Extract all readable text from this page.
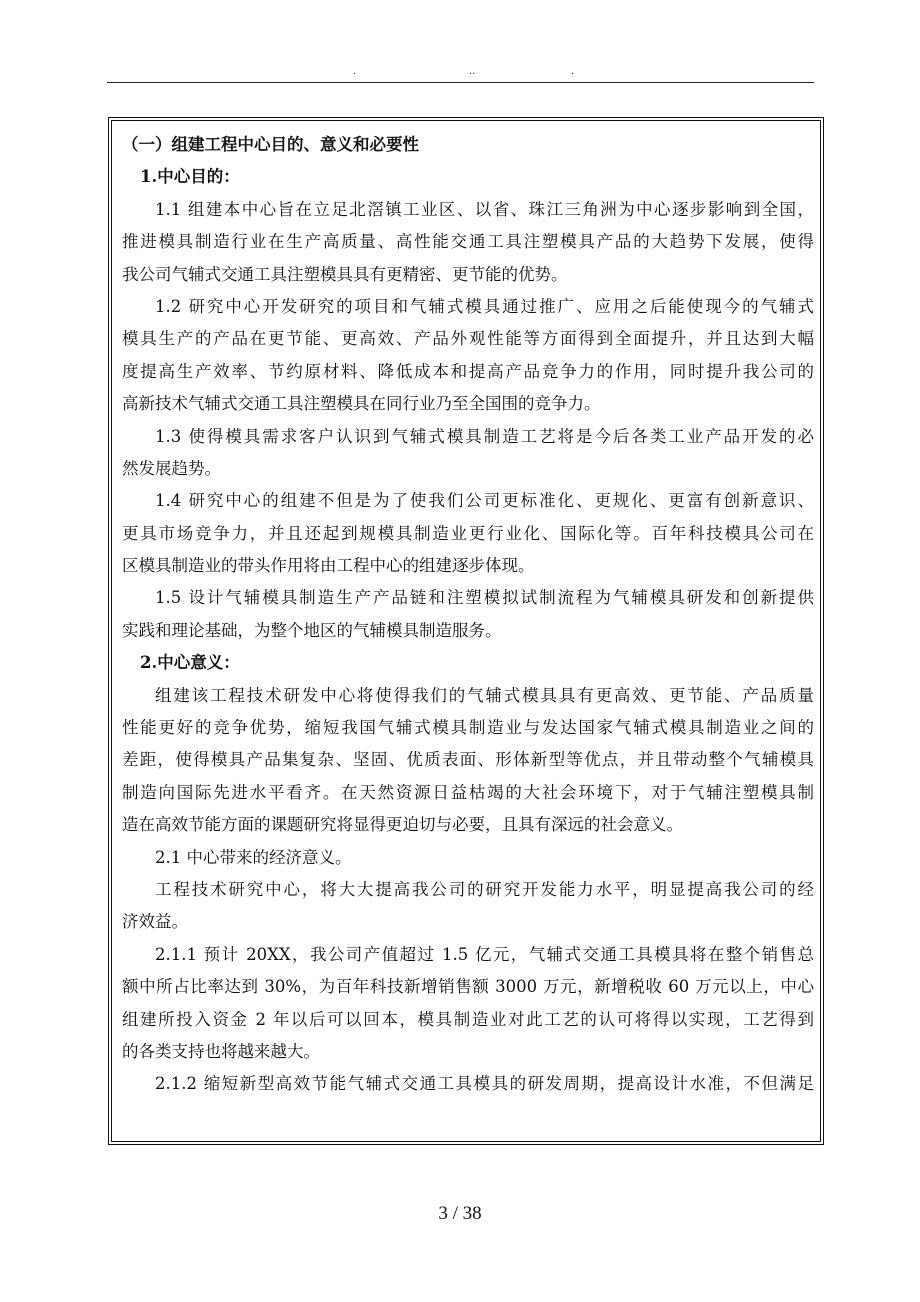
.	..	.

（一）组建工程中心目的、意义和必要性

1.中心目的：

1.1 组建本中心旨在立足北滘镇工业区、以省、珠江三角洲为中心逐步影响到全国，

推进模具制造行业在生产高质量、高性能交通工具注塑模具产品的大趋势下发展，使得

我公司气辅式交通工具注塑模具具有更精密、更节能的优势。

1.2 研究中心开发研究的项目和气辅式模具通过推广、应用之后能使现今的气辅式

模具生产的产品在更节能、更高效、产品外观性能等方面得到全面提升，并且达到大幅

度提高生产效率、节约原材料、降低成本和提高产品竞争力的作用，同时提升我公司的

高新技术气辅式交通工具注塑模具在同行业乃至全国围的竞争力。

1.3 使得模具需求客户认识到气辅式模具制造工艺将是今后各类工业产品开发的必

然发展趋势。

1.4 研究中心的组建不但是为了使我们公司更标准化、更规化、更富有创新意识、

更具市场竞争力，并且还起到规模具制造业更行业化、国际化等。百年科技模具公司在

区模具制造业的带头作用将由工程中心的组建逐步体现。

1.5 设计气辅模具制造生产产品链和注塑模拟试制流程为气辅模具研发和创新提供

实践和理论基础，为整个地区的气辅模具制造服务。

2.中心意义：

组建该工程技术研发中心将使得我们的气辅式模具具有更高效、更节能、产品质量

性能更好的竞争优势，缩短我国气辅式模具制造业与发达国家气辅式模具制造业之间的

差距，使得模具产品集复杂、坚固、优质表面、形体新型等优点，并且带动整个气辅模具

制造向国际先进水平看齐。在天然资源日益枯竭的大社会环境下，对于气辅注塑模具制

造在高效节能方面的课题研究将显得更迫切与必要，且具有深远的社会意义。

2.1 中心带来的经济意义。

工程技术研究中心，将大大提高我公司的研究开发能力水平，明显提高我公司的经

济效益。

2.1.1 预计 20XX，我公司产值超过 1.5 亿元，气辅式交通工具模具将在整个销售总

额中所占比率达到 30%，为百年科技新增销售额 3000 万元，新增税收 60 万元以上，中心

组建所投入资金 2 年以后可以回本，模具制造业对此工艺的认可将得以实现，工艺得到

的各类支持也将越来越大。

2.1.2 缩短新型高效节能气辅式交通工具模具的研发周期，提高设计水准，不但满足

3 / 38
